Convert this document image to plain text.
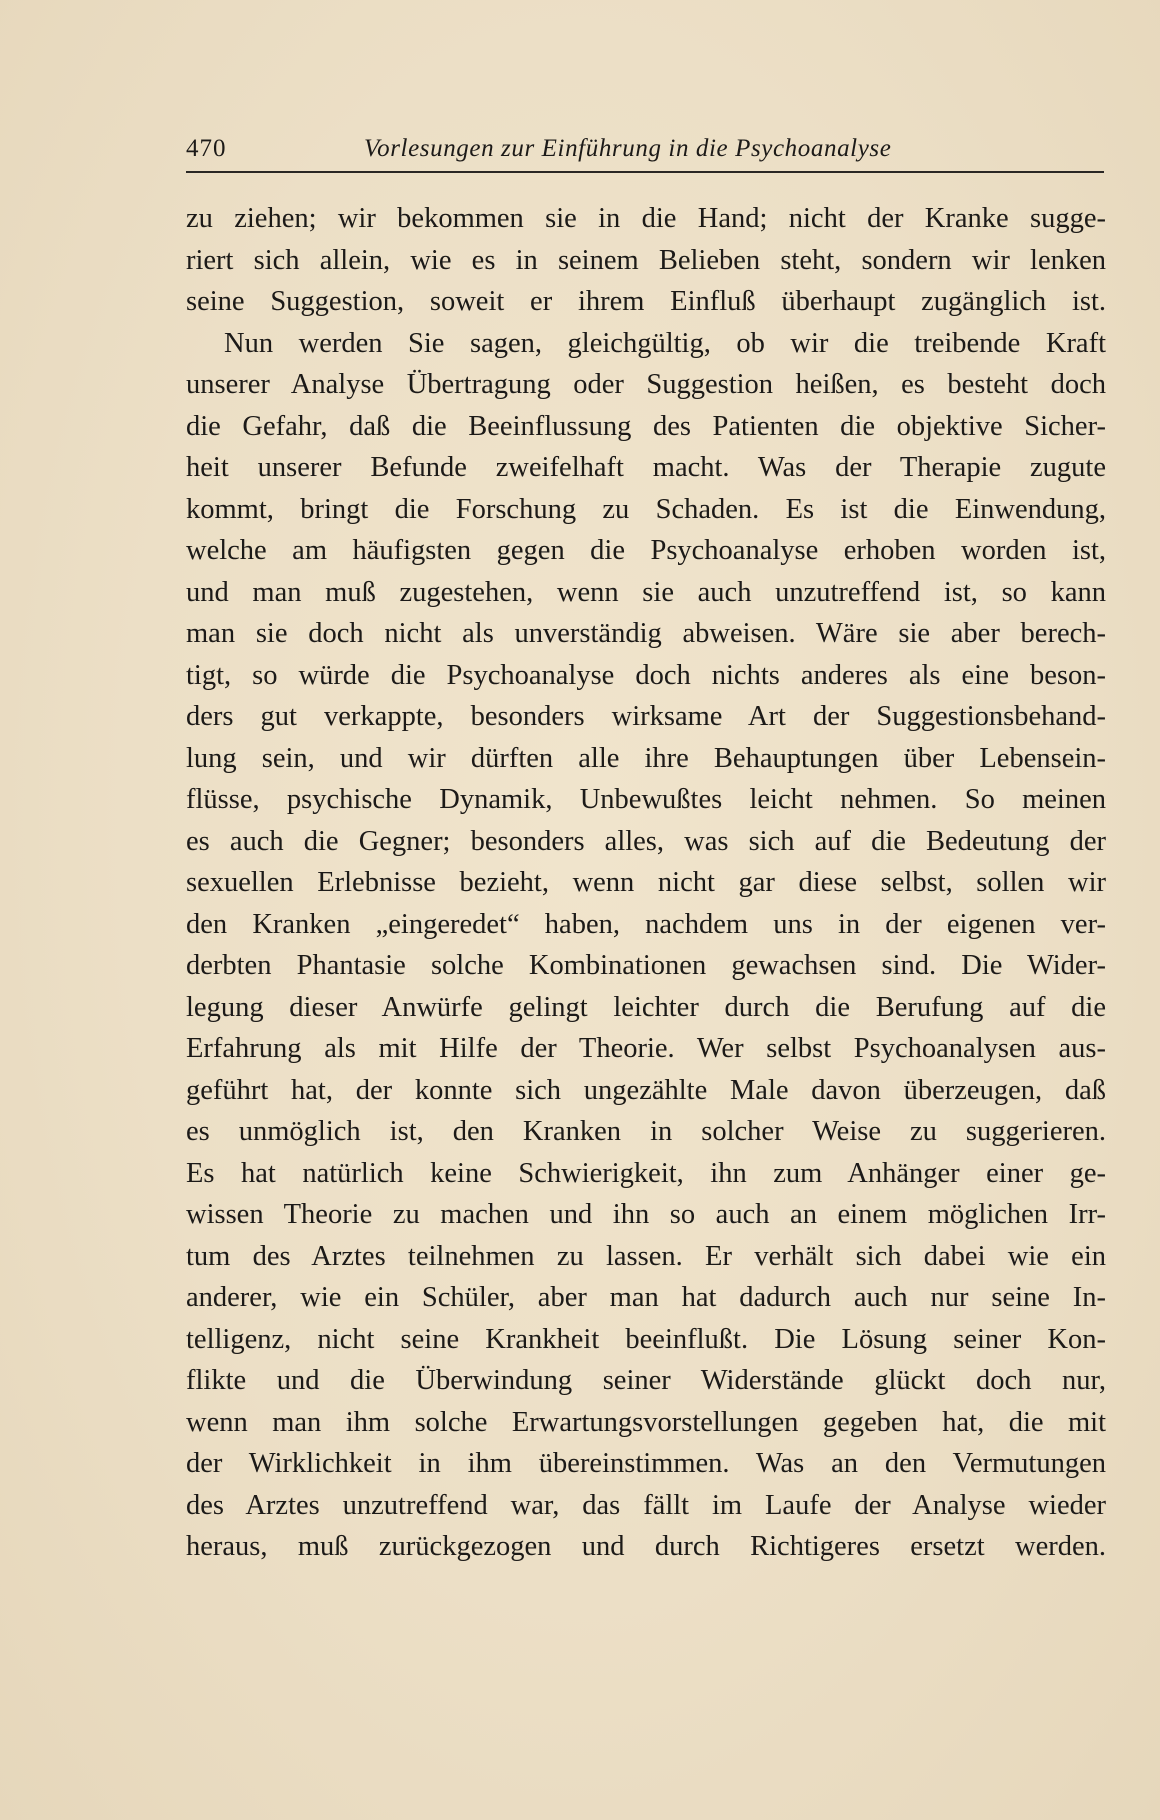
470	Vorlesungen zur Einführung in die Psychoanalyse
zu ziehen; wir bekommen sie in die Hand; nicht der Kranke sugge-
riert sich allein, wie es in seinem Belieben steht, sondern wir lenken
seine Suggestion, soweit er ihrem Einfluß überhaupt zugänglich ist.
Nun werden Sie sagen, gleichgültig, ob wir die treibende Kraft
unserer Analyse Übertragung oder Suggestion heißen, es besteht doch
die Gefahr, daß die Beeinflussung des Patienten die objektive Sicher-
heit unserer Befunde zweifelhaft macht. Was der Therapie zugute
kommt, bringt die Forschung zu Schaden. Es ist die Einwendung,
welche am häufigsten gegen die Psychoanalyse erhoben worden ist,
und man muß zugestehen, wenn sie auch unzutreffend ist, so kann
man sie doch nicht als unverständig abweisen. Wäre sie aber berech-
tigt, so würde die Psychoanalyse doch nichts anderes als eine beson-
ders gut verkappte, besonders wirksame Art der Suggestionsbehand-
lung sein, und wir dürften alle ihre Behauptungen über Lebensein-
flüsse, psychische Dynamik, Unbewußtes leicht nehmen. So meinen
es auch die Gegner; besonders alles, was sich auf die Bedeutung der
sexuellen Erlebnisse bezieht, wenn nicht gar diese selbst, sollen wir
den Kranken „eingeredet“ haben, nachdem uns in der eigenen ver-
derbten Phantasie solche Kombinationen gewachsen sind. Die Wider-
legung dieser Anwürfe gelingt leichter durch die Berufung auf die
Erfahrung als mit Hilfe der Theorie. Wer selbst Psychoanalysen aus-
geführt hat, der konnte sich ungezählte Male davon überzeugen, daß
es unmöglich ist, den Kranken in solcher Weise zu suggerieren.
Es hat natürlich keine Schwierigkeit, ihn zum Anhänger einer ge-
wissen Theorie zu machen und ihn so auch an einem möglichen Irr-
tum des Arztes teilnehmen zu lassen. Er verhält sich dabei wie ein
anderer, wie ein Schüler, aber man hat dadurch auch nur seine In-
telligenz, nicht seine Krankheit beeinflußt. Die Lösung seiner Kon-
flikte und die Überwindung seiner Widerstände glückt doch nur,
wenn man ihm solche Erwartungsvorstellungen gegeben hat, die mit
der Wirklichkeit in ihm übereinstimmen. Was an den Vermutungen
des Arztes unzutreffend war, das fällt im Laufe der Analyse wieder
heraus, muß zurückgezogen und durch Richtigeres ersetzt werden.
